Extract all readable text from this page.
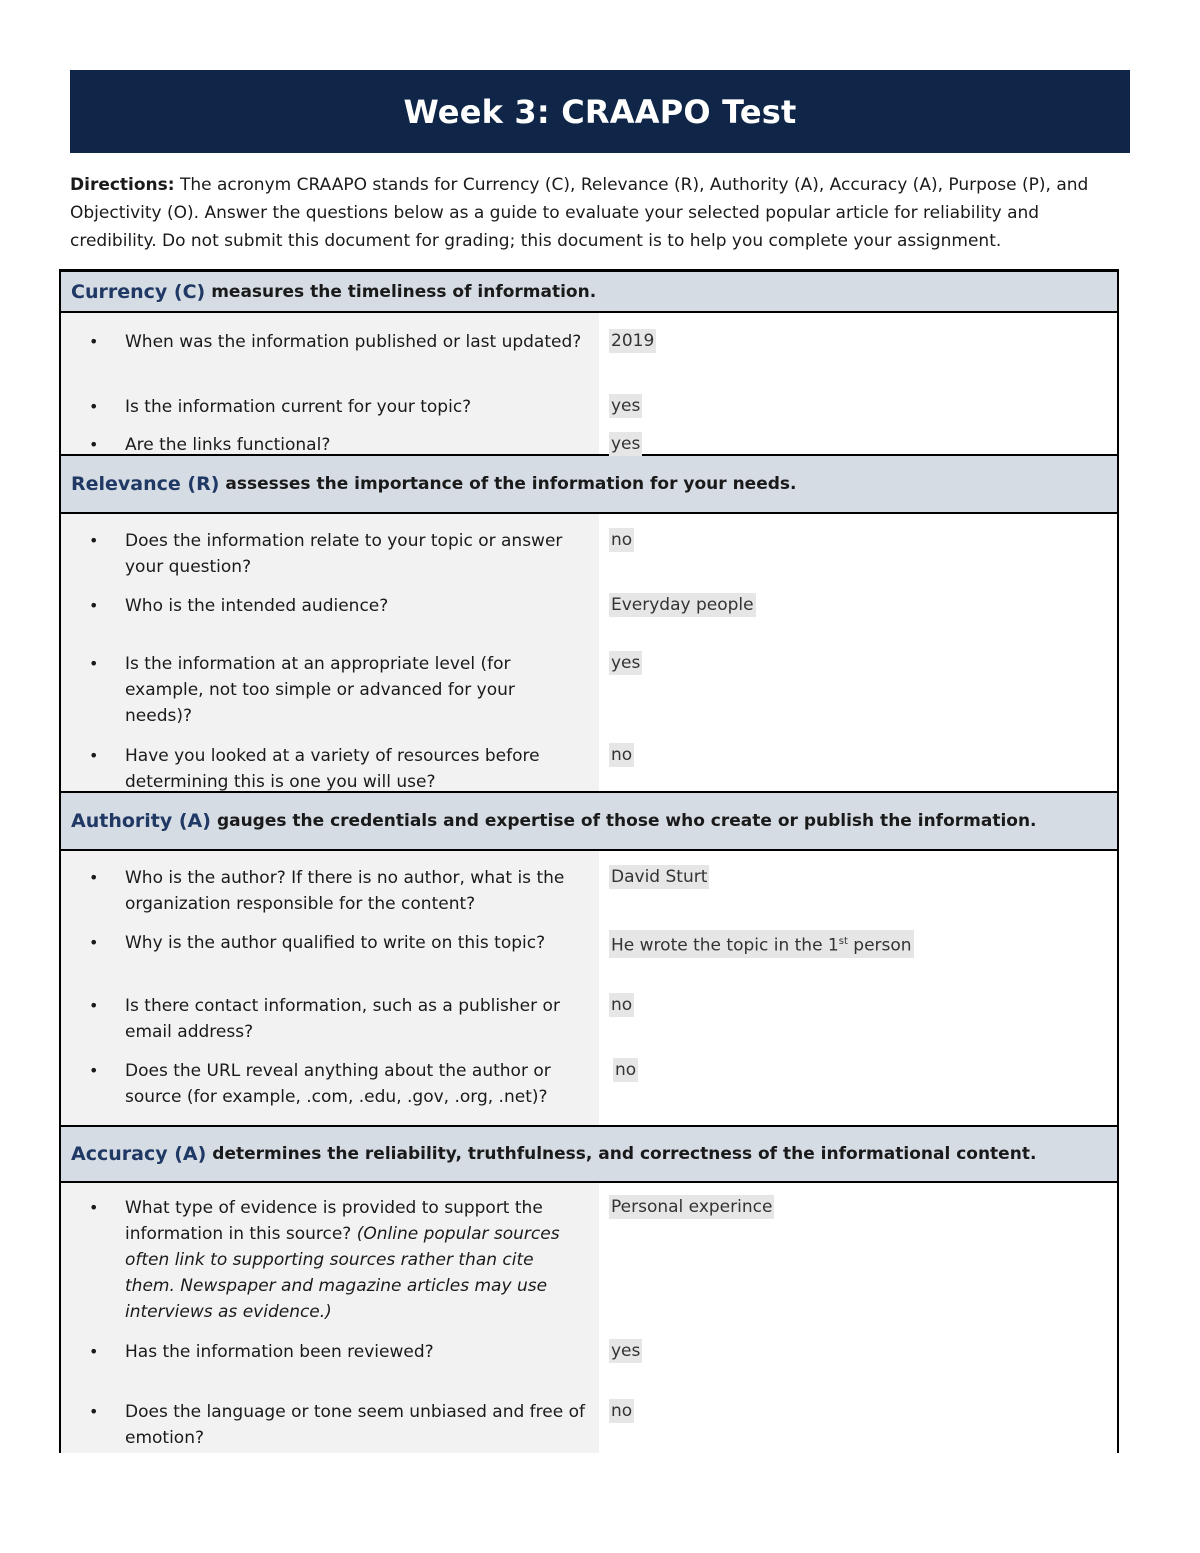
Week 3: CRAAPO Test
Directions: The acronym CRAAPO stands for Currency (C), Relevance (R), Authority (A), Accuracy (A), Purpose (P), and Objectivity (O). Answer the questions below as a guide to evaluate your selected popular article for reliability and credibility. Do not submit this document for grading; this document is to help you complete your assignment.
Currency (C) measures the timeliness of information.
• When was the information published or last updated?
• Is the information current for your topic?
• Are the links functional?
2019
yes
yes
Relevance (R) assesses the importance of the information for your needs.
• Does the information relate to your topic or answer your question?
• Who is the intended audience?
• Is the information at an appropriate level (for example, not too simple or advanced for your needs)?
• Have you looked at a variety of resources before determining this is one you will use?
no
Everyday people
yes
no
Authority (A) gauges the credentials and expertise of those who create or publish the information.
• Who is the author? If there is no author, what is the organization responsible for the content?
• Why is the author qualified to write on this topic?
• Is there contact information, such as a publisher or email address?
• Does the URL reveal anything about the author or source (for example, .com, .edu, .gov, .org, .net)?
David Sturt
He wrote the topic in the 1st person
no
no
Accuracy (A) determines the reliability, truthfulness, and correctness of the informational content.
• What type of evidence is provided to support the information in this source? (Online popular sources often link to supporting sources rather than cite them. Newspaper and magazine articles may use interviews as evidence.)
• Has the information been reviewed?
• Does the language or tone seem unbiased and free of emotion?
Personal experince
yes
no
